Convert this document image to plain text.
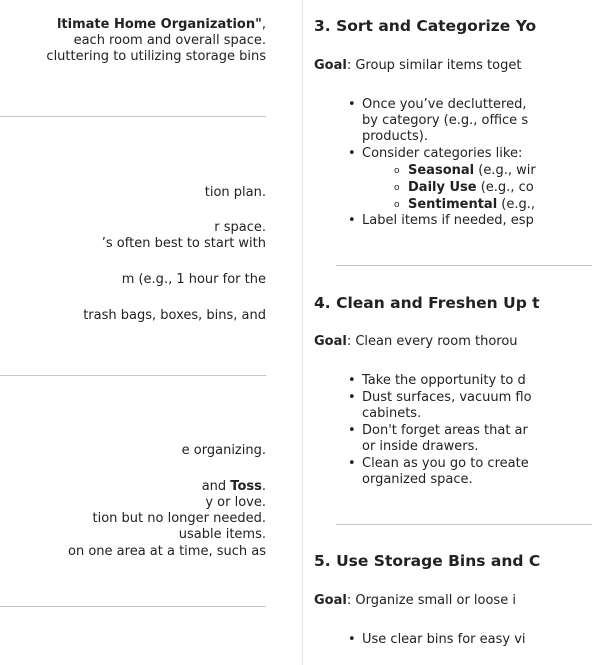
ltimate Home Organization",
each room and overall space.
cluttering to utilizing storage bins
tion plan.
r space.
’s often best to start with
m (e.g., 1 hour for the
trash bags, boxes, bins, and
e organizing.
and Toss.
y or love.
tion but no longer needed.
usable items.
on one area at a time, such as
3. Sort and Categorize Yo
Goal: Group similar items toget
• Once you’ve decluttered,
by category (e.g., office s
products).
• Consider categories like:
o Seasonal (e.g., wir
o Daily Use (e.g., co
o Sentimental (e.g.,
• Label items if needed, esp
4. Clean and Freshen Up t
Goal: Clean every room thorou
• Take the opportunity to d
• Dust surfaces, vacuum flo
cabinets.
• Don't forget areas that ar
or inside drawers.
• Clean as you go to create
organized space.
5. Use Storage Bins and C
Goal: Organize small or loose i
• Use clear bins for easy vi
